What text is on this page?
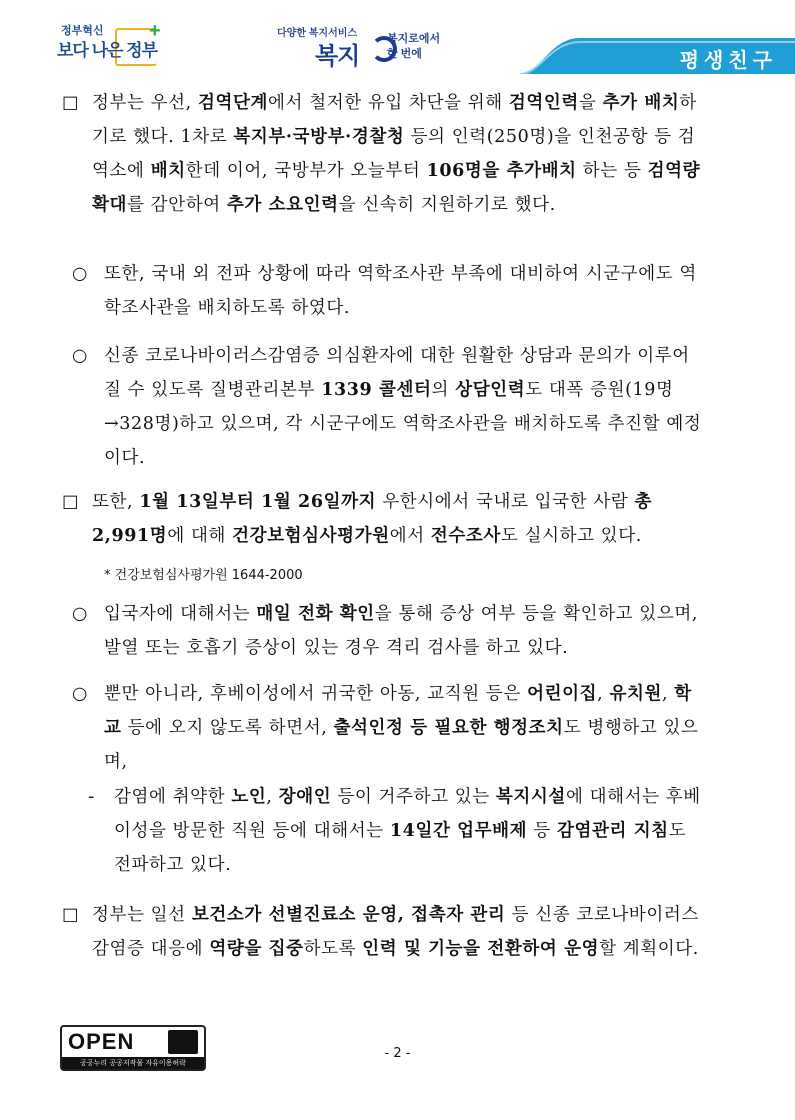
정부혁신
보다 나은 정부
+	다양한 복지서비스
복지
복지로에서
한 번에	평생친구
□ 정부는 우선, 검역단계에서 철저한 유입 차단을 위해 검역인력을 추가 배치하기로 했다. 1차로 복지부·국방부·경찰청 등의 인력(250명)을 인천공항 등 검역소에 배치한데 이어, 국방부가 오늘부터 106명을 추가배치 하는 등 검역량 확대를 감안하여 추가 소요인력을 신속히 지원하기로 했다.
○ 또한, 국내 외 전파 상황에 따라 역학조사관 부족에 대비하여 시군구에도 역학조사관을 배치하도록 하였다.
○ 신종 코로나바이러스감염증 의심환자에 대한 원활한 상담과 문의가 이루어질 수 있도록 질병관리본부 1339 콜센터의 상담인력도 대폭 증원(19명→328명)하고 있으며, 각 시군구에도 역학조사관을 배치하도록 추진할 예정이다.
□ 또한, 1월 13일부터 1월 26일까지 우한시에서 국내로 입국한 사람 총 2,991명에 대해 건강보험심사평가원에서 전수조사도 실시하고 있다.
○ 입국자에 대해서는 매일 전화 확인을 통해 증상 여부 등을 확인하고 있으며, 발열 또는 호흡기 증상이 있는 경우 격리 검사를 하고 있다.
○ 뿐만 아니라, 후베이성에서 귀국한 아동, 교직원 등은 어린이집, 유치원, 학교 등에 오지 않도록 하면서, 출석인정 등 필요한 행정조치도 병행하고 있으며,
-	감염에 취약한 노인, 장애인 등이 거주하고 있는 복지시설에 대해서는 후베이성을 방문한 직원 등에 대해서는 14일간 업무배제 등 감염관리 지침도 전파하고 있다.
□ 정부는 일선 보건소가 선별진료소 운영, 접촉자 관리 등 신종 코로나바이러스감염증 대응에 역량을 집중하도록 인력 및 기능을 전환하여 운영할 계획이다.
* 건강보험심사평가원 1644-2000
- 2 -
OPEN
공공누리 공공저작물 자유이용허락
